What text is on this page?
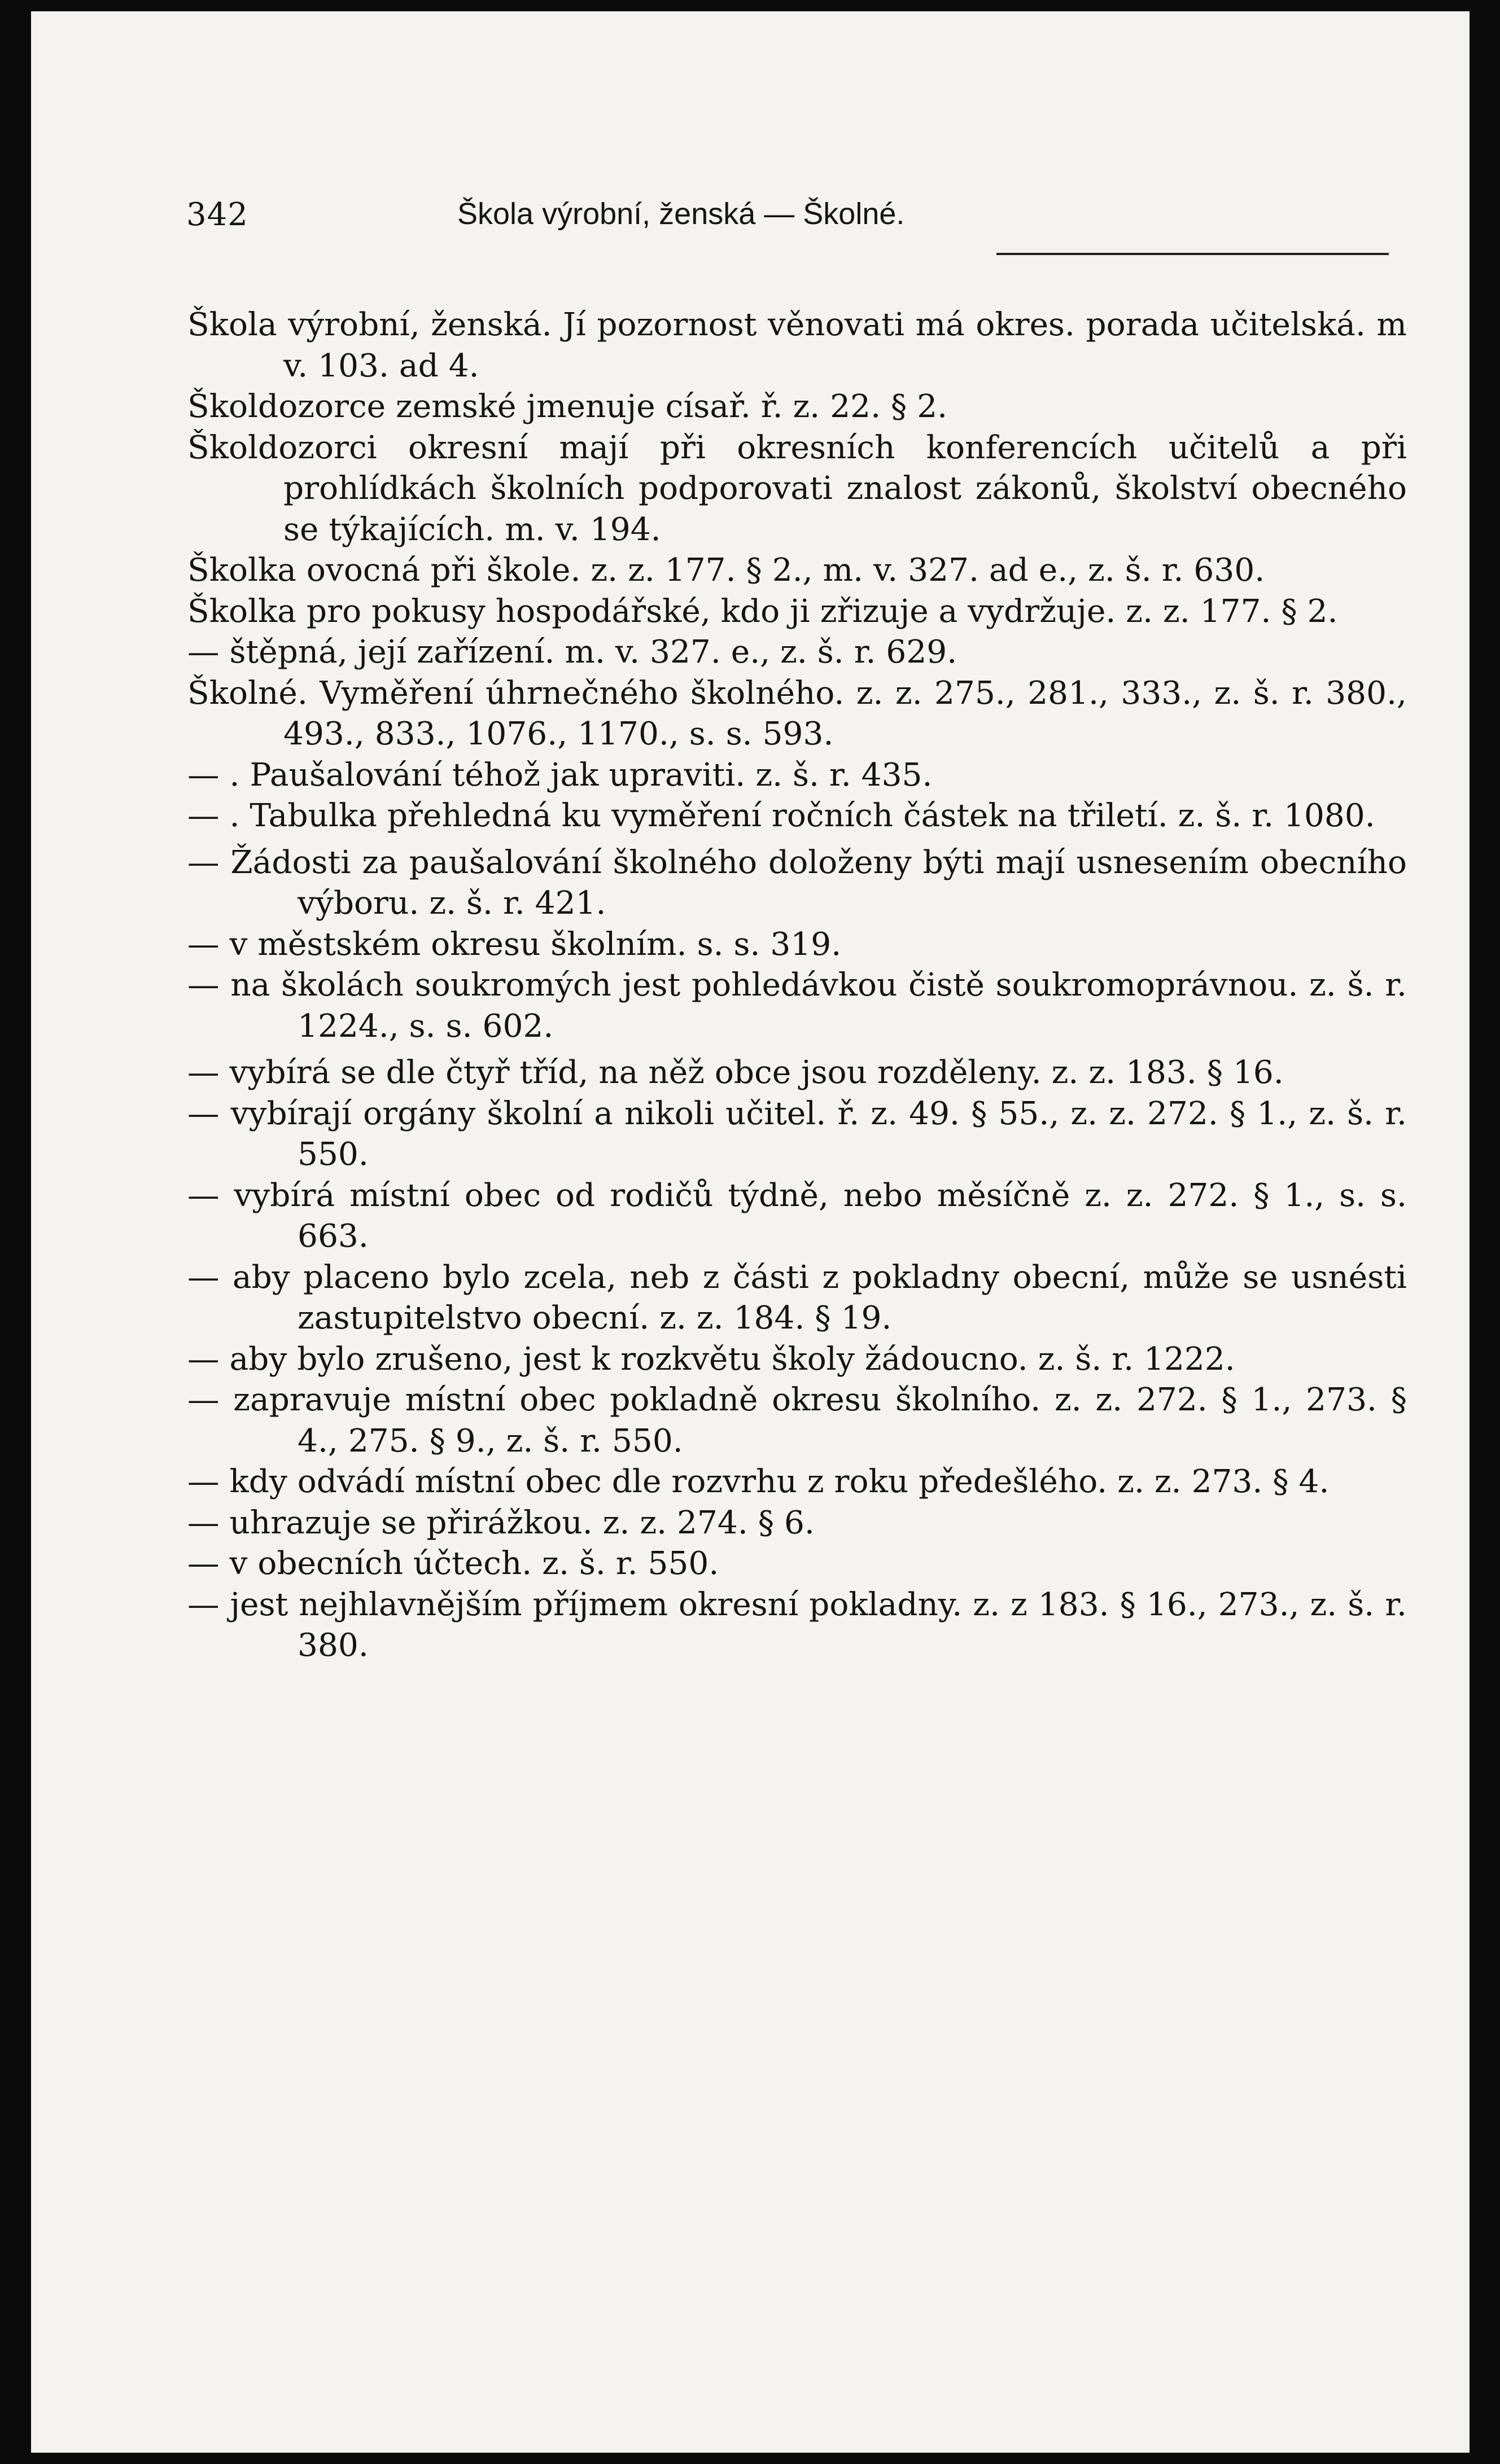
342	Škola výrobní, ženská — Školné.

Škola výrobní, ženská. Jí pozornost věnovati má okres. porada učitelská. m v. 103. ad 4.

Školdozorce zemské jmenuje císař. ř. z. 22. § 2.

Školdozorci okresní mají při okresních konferencích učitelů a při prohlídkách školních podporovati znalost zákonů, školství obecného se týkajících. m. v. 194.

Školka ovocná při škole. z. z. 177. § 2., m. v. 327. ad e., z. š. r. 630.

Školka pro pokusy hospodářské, kdo ji zřizuje a vydržuje. z. z. 177. § 2.

— štěpná, její zařízení. m. v. 327. e., z. š. r. 629.

Školné. Vyměření úhrnečného školného. z. z. 275., 281., 333., z. š. r. 380., 493., 833., 1076., 1170., s. s. 593.

— . Paušalování téhož jak upraviti. z. š. r. 435.
— . Tabulka přehledná ku vyměření ročních částek na třiletí. z. š. r. 1080.
— Žádosti za paušalování školného doloženy býti mají usnesením obecního výboru. z. š. r. 421.
— v městském okresu školním. s. s. 319.
— na školách soukromých jest pohledávkou čistě soukromoprávnou. z. š. r. 1224., s. s. 602.
— vybírá se dle čtyř tříd, na něž obce jsou rozděleny. z. z. 183. § 16.
— vybírají orgány školní a nikoli učitel. ř. z. 49. § 55., z. z. 272. § 1., z. š. r. 550.
— vybírá místní obec od rodičů týdně, nebo měsíčně z. z. 272. § 1., s. s. 663.
— aby placeno bylo zcela, neb z části z pokladny obecní, může se usnésti zastupitelstvo obecní. z. z. 184. § 19.
— aby bylo zrušeno, jest k rozkvětu školy žádoucno. z. š. r. 1222.
— zapravuje místní obec pokladně okresu školního. z. z. 272. § 1., 273. § 4., 275. § 9., z. š. r. 550.
— kdy odvádí místní obec dle rozvrhu z roku předešlého. z. z. 273. § 4.
— uhrazuje se přirážkou. z. z. 274. § 6.
— v obecních účtech. z. š. r. 550.
— jest nejhlavnějším příjmem okresní pokladny. z. z 183. § 16., 273., z. š. r. 380.
